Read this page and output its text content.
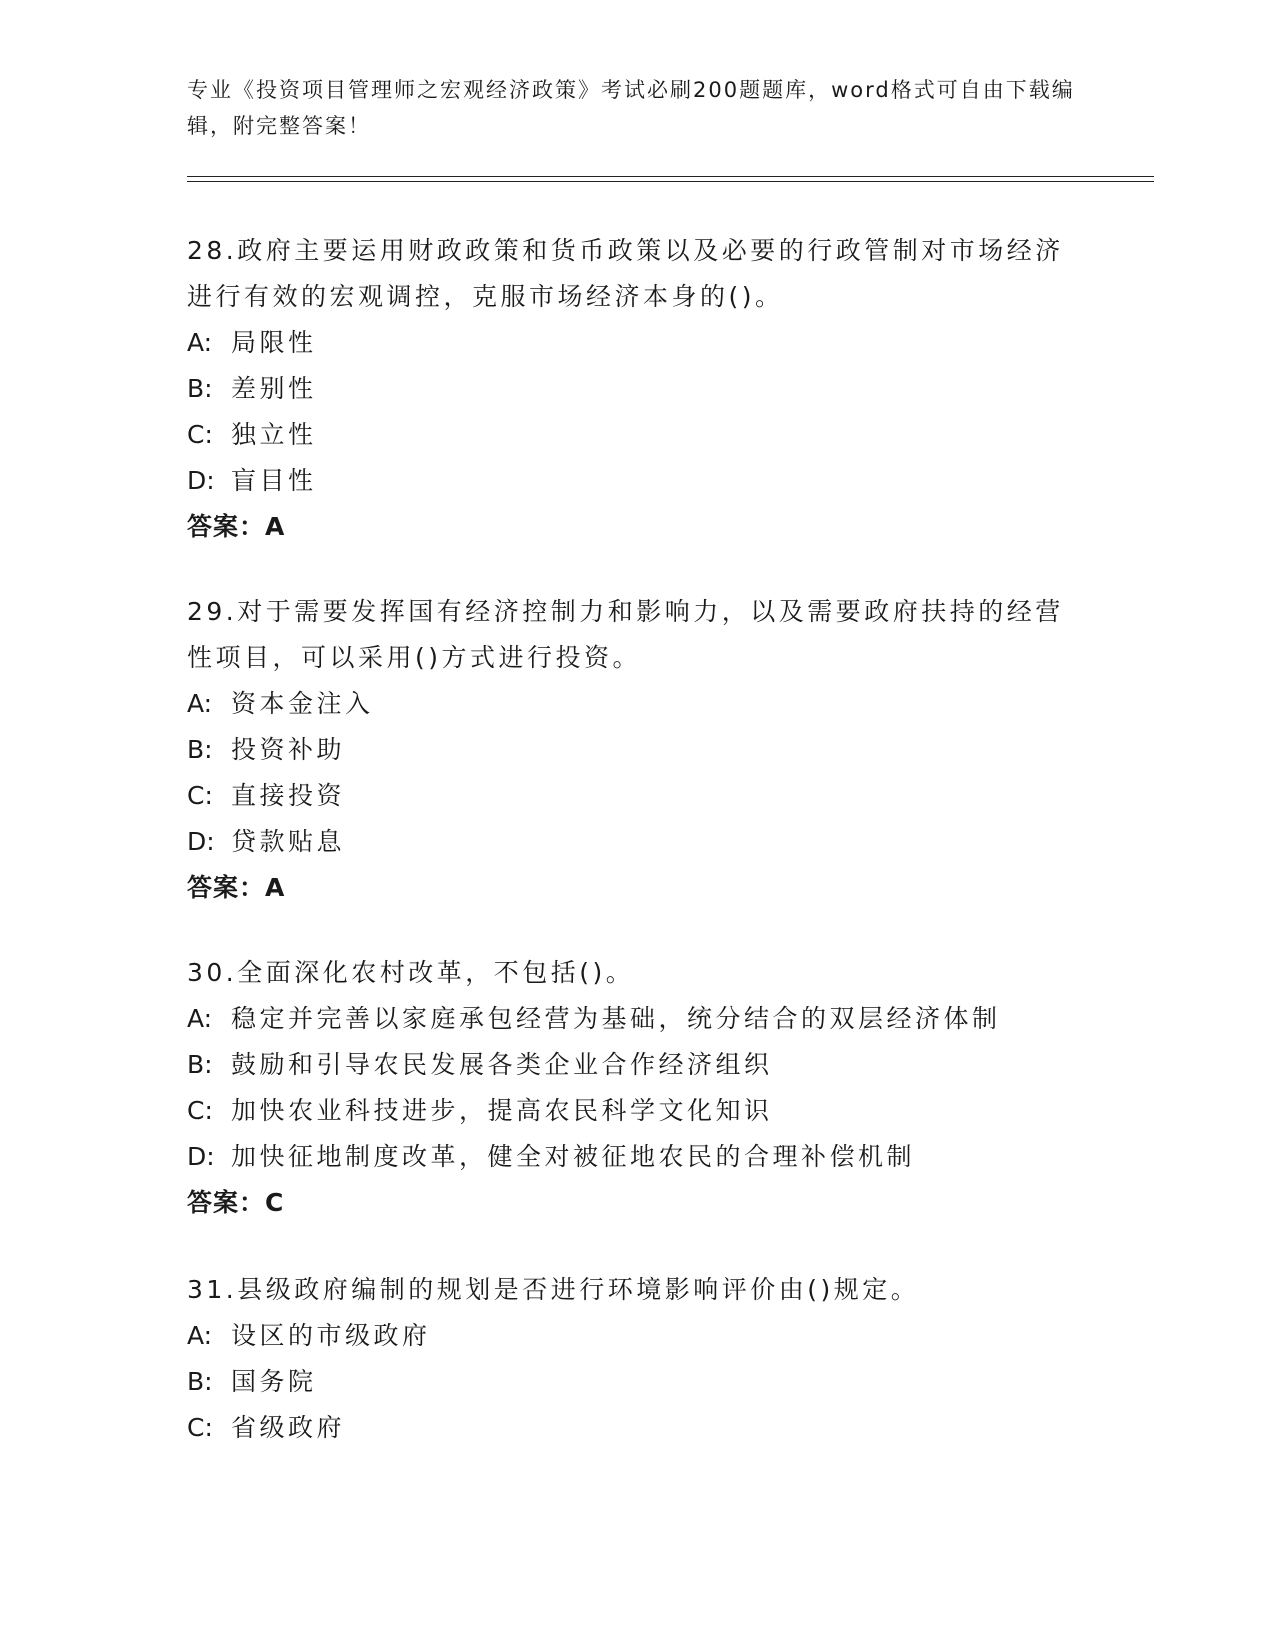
专业《投资项目管理师之宏观经济政策》考试必刷200题题库，word格式可自由下载编辑，附完整答案！

28.政府主要运用财政政策和货币政策以及必要的行政管制对市场经济进行有效的宏观调控，克服市场经济本身的()。

A: 局限性

B: 差别性

C: 独立性

D: 盲目性

答案：A

29.对于需要发挥国有经济控制力和影响力，以及需要政府扶持的经营性项目，可以采用()方式进行投资。

A: 资本金注入

B: 投资补助

C: 直接投资

D: 贷款贴息

答案：A

30.全面深化农村改革，不包括()。

A: 稳定并完善以家庭承包经营为基础，统分结合的双层经济体制

B: 鼓励和引导农民发展各类企业合作经济组织

C: 加快农业科技进步，提高农民科学文化知识

D: 加快征地制度改革，健全对被征地农民的合理补偿机制

答案：C

31.县级政府编制的规划是否进行环境影响评价由()规定。

A: 设区的市级政府

B: 国务院

C: 省级政府
